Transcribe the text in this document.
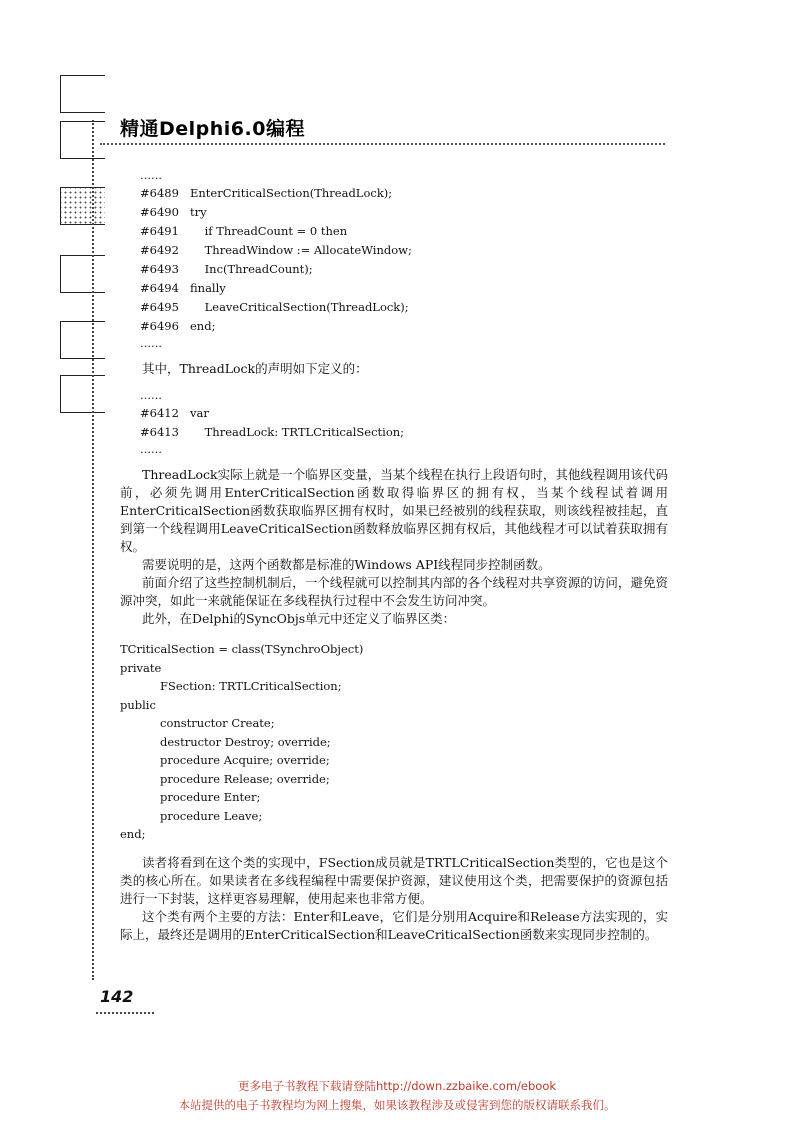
精通Delphi6.0编程
……
#6489 EnterCriticalSection(ThreadLock);
#6490 try
#6491 if ThreadCount = 0 then
#6492 ThreadWindow := AllocateWindow;
#6493 Inc(ThreadCount);
#6494 finally
#6495 LeaveCriticalSection(ThreadLock);
#6496 end;
……

其中，ThreadLock的声明如下定义的：

……
#6412 var
#6413 ThreadLock: TRTLCriticalSection;
……

ThreadLock实际上就是一个临界区变量，当某个线程在执行上段语句时，其他线程调用该代码前，必须先调用EnterCriticalSection函数取得临界区的拥有权，当某个线程试着调用EnterCriticalSection函数获取临界区拥有权时，如果已经被别的线程获取，则该线程被挂起，直到第一个线程调用LeaveCriticalSection函数释放临界区拥有权后，其他线程才可以试着获取拥有权。

需要说明的是，这两个函数都是标准的Windows API线程同步控制函数。

前面介绍了这些控制机制后，一个线程就可以控制其内部的各个线程对共享资源的访问，避免资源冲突，如此一来就能保证在多线程执行过程中不会发生访问冲突。

此外，在Delphi的SyncObjs单元中还定义了临界区类：

TCriticalSection = class(TSynchroObject)
private
FSection: TRTLCriticalSection;
public
constructor Create;
destructor Destroy; override;
procedure Acquire; override;
procedure Release; override;
procedure Enter;
procedure Leave;
end;

读者将看到在这个类的实现中，FSection成员就是TRTLCriticalSection类型的，它也是这个类的核心所在。如果读者在多线程编程中需要保护资源，建议使用这个类，把需要保护的资源包括进行一下封装，这样更容易理解，使用起来也非常方便。

这个类有两个主要的方法：Enter和Leave，它们是分别用Acquire和Release方法实现的，实际上，最终还是调用的EnterCriticalSection和LeaveCriticalSection函数来实现同步控制的。

142
更多电子书教程下载请登陆http://down.zzbaike.com/ebook
本站提供的电子书教程均为网上搜集，如果该教程涉及或侵害到您的版权请联系我们。
